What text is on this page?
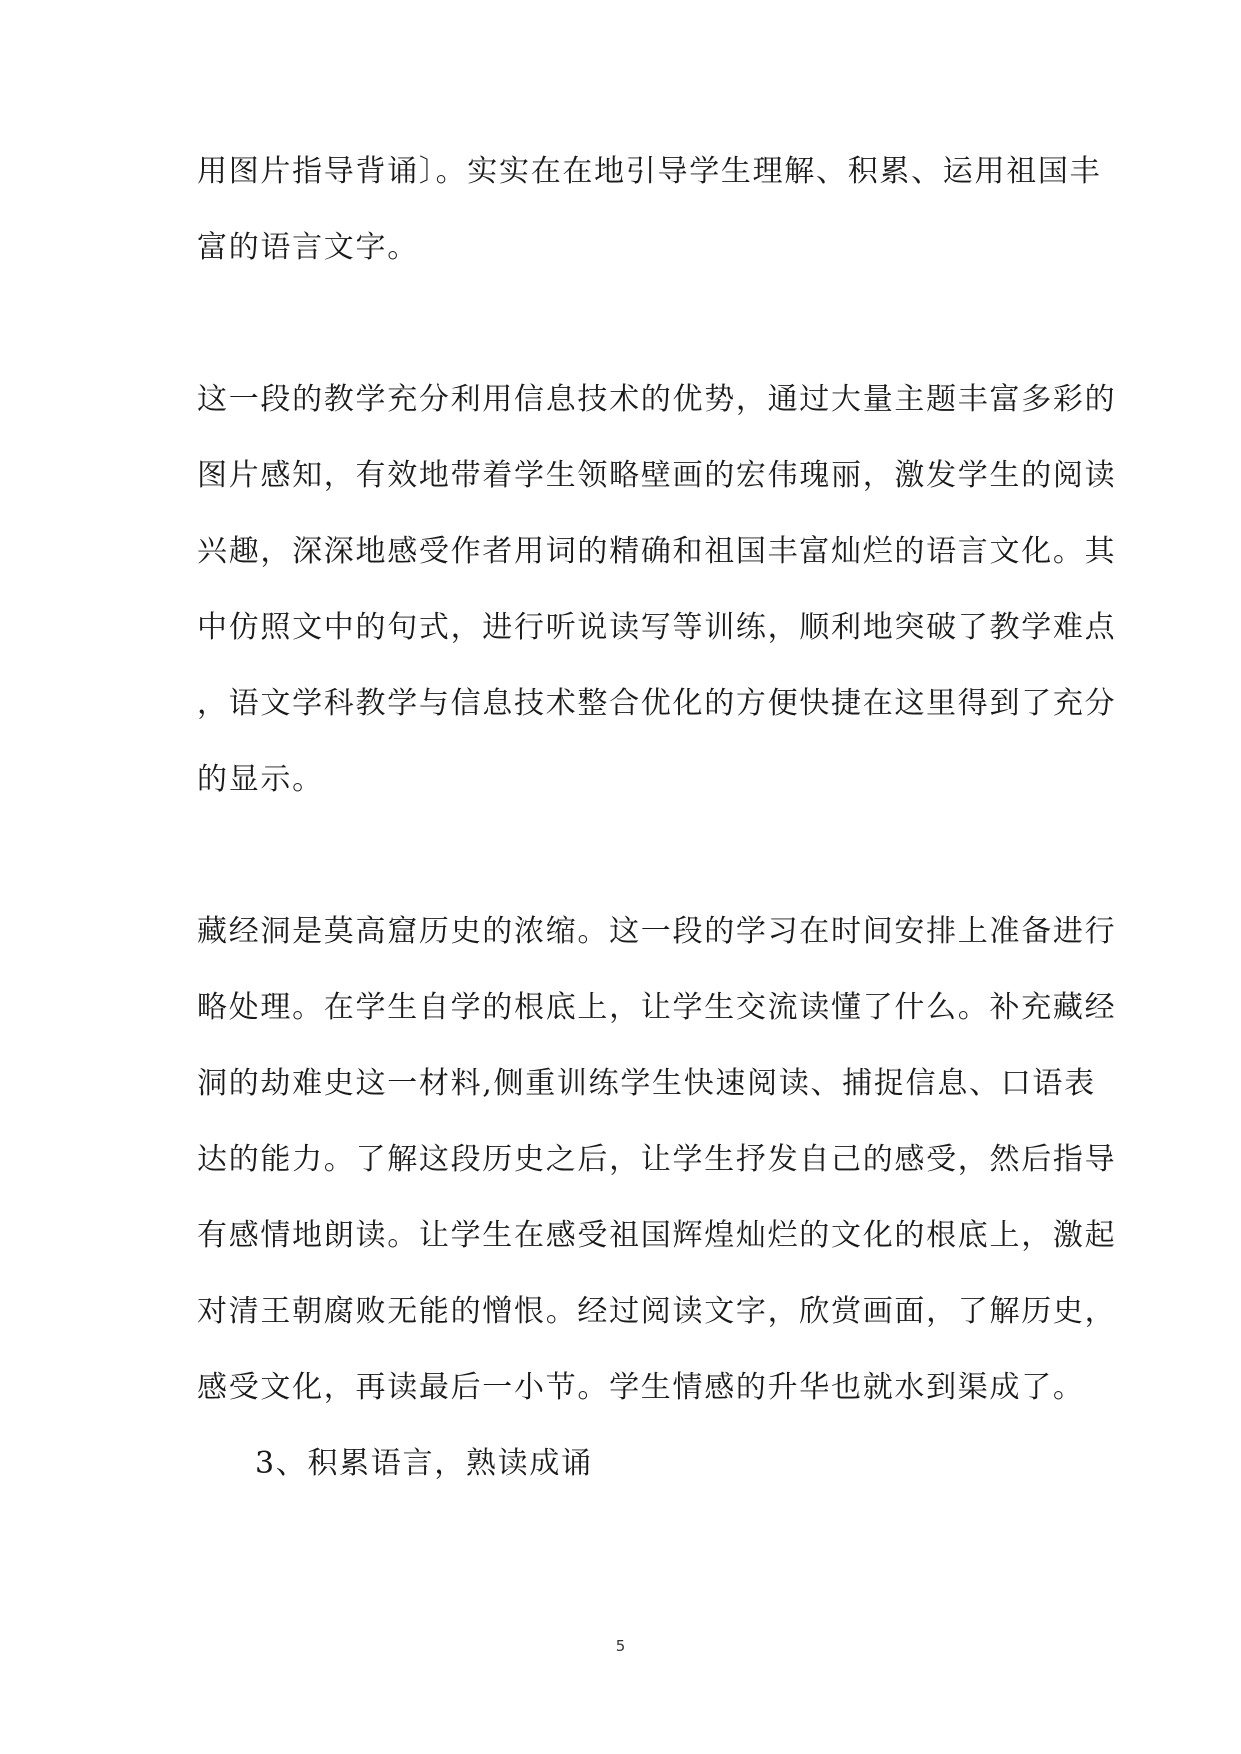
用图片指导背诵〕。实实在在地引导学生理解、积累、运用祖国丰
富的语言文字。
这一段的教学充分利用信息技术的优势，通过大量主题丰富多彩的
图片感知，有效地带着学生领略壁画的宏伟瑰丽，激发学生的阅读
兴趣，深深地感受作者用词的精确和祖国丰富灿烂的语言文化。其
中仿照文中的句式，进行听说读写等训练，顺利地突破了教学难点
，语文学科教学与信息技术整合优化的方便快捷在这里得到了充分
的显示。
藏经洞是莫高窟历史的浓缩。这一段的学习在时间安排上准备进行
略处理。在学生自学的根底上，让学生交流读懂了什么。补充藏经
洞的劫难史这一材料,侧重训练学生快速阅读、捕捉信息、口语表
达的能力。了解这段历史之后，让学生抒发自己的感受，然后指导
有感情地朗读。让学生在感受祖国辉煌灿烂的文化的根底上，激起
对清王朝腐败无能的憎恨。经过阅读文字，欣赏画面，了解历史，
感受文化，再读最后一小节。学生情感的升华也就水到渠成了。
3、积累语言，熟读成诵
5
